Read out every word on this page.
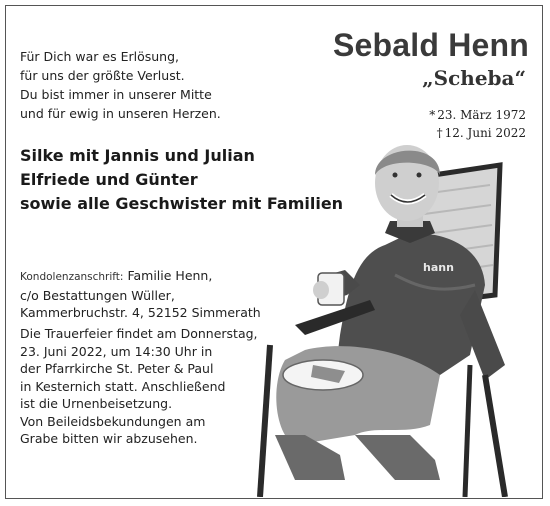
Für Dich war es Erlösung,
für uns der größte Verlust.
Du bist immer in unserer Mitte
und für ewig in unseren Herzen.
Sebald Henn
„Scheba“
* 23. März 1972
† 12. Juni 2022
Silke mit Jannis und Julian
Elfriede und Günter
sowie alle Geschwister mit Familien
Kondolenzanschrift: Familie Henn,
c/o Bestattungen Wüller,
Kammerbruchstr. 4, 52152 Simmerath
Die Trauerfeier findet am Donnerstag,
23. Juni 2022, um 14:30 Uhr in
der Pfarrkirche St. Peter & Paul
in Kesternich statt. Anschließend
ist die Urnenbeisetzung.
Von Beileidsbekundungen am
Grabe bitten wir abzusehen.
hann
